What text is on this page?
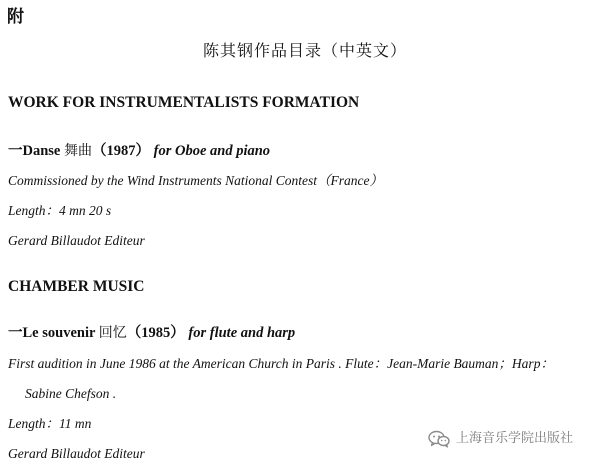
附
陈其钢作品目录（中英文）
WORK FOR INSTRUMENTALISTS FORMATION
一Danse 舞曲（1987） for Oboe and piano
Commissioned by the Wind Instruments National Contest（France）
Length：4 mn 20 s
Gerard Billaudot Editeur
CHAMBER MUSIC
一Le souvenir 回忆（1985） for flute and harp
First audition in June 1986 at the American Church in Paris . Flute：Jean-Marie Bauman；Harp：
Sabine Chefson .
Length：11 mn
Gerard Billaudot Editeur
上海音乐学院出版社
